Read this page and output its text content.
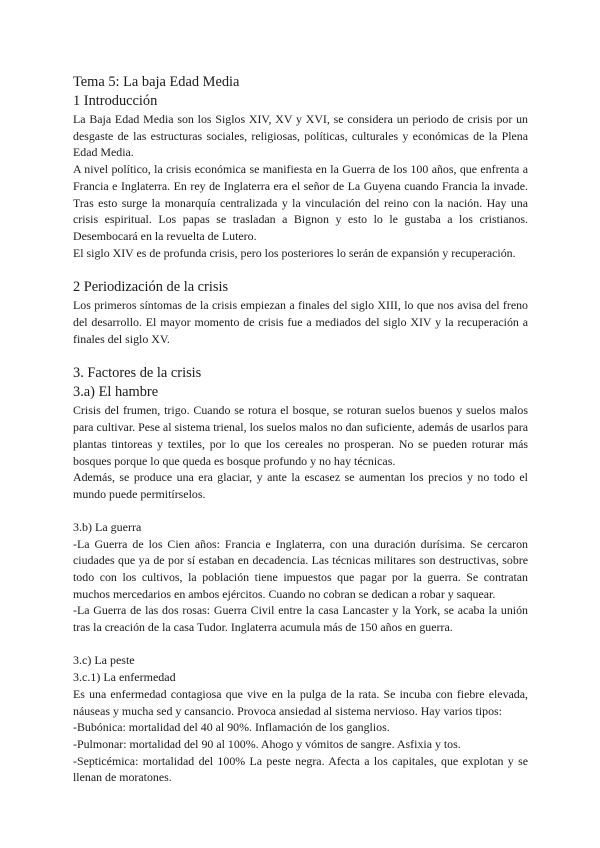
Tema 5: La baja Edad Media
1 Introducción

La Baja Edad Media son los Siglos XIV, XV y XVI, se considera un periodo de crisis por un desgaste de las estructuras sociales, religiosas, políticas, culturales y económicas de la Plena Edad Media.

A nivel político, la crisis económica se manifiesta en la Guerra de los 100 años, que enfrenta a Francia e Inglaterra. En rey de Inglaterra era el señor de La Guyena cuando Francia la invade. Tras esto surge la monarquía centralizada y la vinculación del reino con la nación. Hay una crisis espiritual. Los papas se trasladan a Bignon y esto lo le gustaba a los cristianos. Desembocará en la revuelta de Lutero.

El siglo XIV es de profunda crisis, pero los posteriores lo serán de expansión y recuperación.

2 Periodización de la crisis

Los primeros síntomas de la crisis empiezan a finales del siglo XIII, lo que nos avisa del freno del desarrollo. El mayor momento de crisis fue a mediados del siglo XIV y la recuperación a finales del siglo XV.

3. Factores de la crisis
3.a) El hambre

Crisis del frumen, trigo. Cuando se rotura el bosque, se roturan suelos buenos y suelos malos para cultivar. Pese al sistema trienal, los suelos malos no dan suficiente, además de usarlos para plantas tintoreas y textiles, por lo que los cereales no prosperan. No se pueden roturar más bosques porque lo que queda es bosque profundo y no hay técnicas.

Además, se produce una era glaciar, y ante la escasez se aumentan los precios y no todo el mundo puede permitírselos.

3.b) La guerra

-La Guerra de los Cien años: Francia e Inglaterra, con una duración durísima. Se cercaron ciudades que ya de por sí estaban en decadencia. Las técnicas militares son destructivas, sobre todo con los cultivos, la población tiene impuestos que pagar por la guerra. Se contratan muchos mercedarios en ambos ejércitos. Cuando no cobran se dedican a robar y saquear.

-La Guerra de las dos rosas: Guerra Civil entre la casa Lancaster y la York, se acaba la unión tras la creación de la casa Tudor. Inglaterra acumula más de 150 años en guerra.

3.c) La peste
3.c.1) La enfermedad

Es una enfermedad contagiosa que vive en la pulga de la rata. Se incuba con fiebre elevada, náuseas y mucha sed y cansancio. Provoca ansiedad al sistema nervioso. Hay varios tipos:

-Bubónica: mortalidad del 40 al 90%. Inflamación de los ganglios.

-Pulmonar: mortalidad del 90 al 100%. Ahogo y vómitos de sangre. Asfixia y tos.

-Septicémica: mortalidad del 100% La peste negra. Afecta a los capitales, que explotan y se llenan de moratones.
